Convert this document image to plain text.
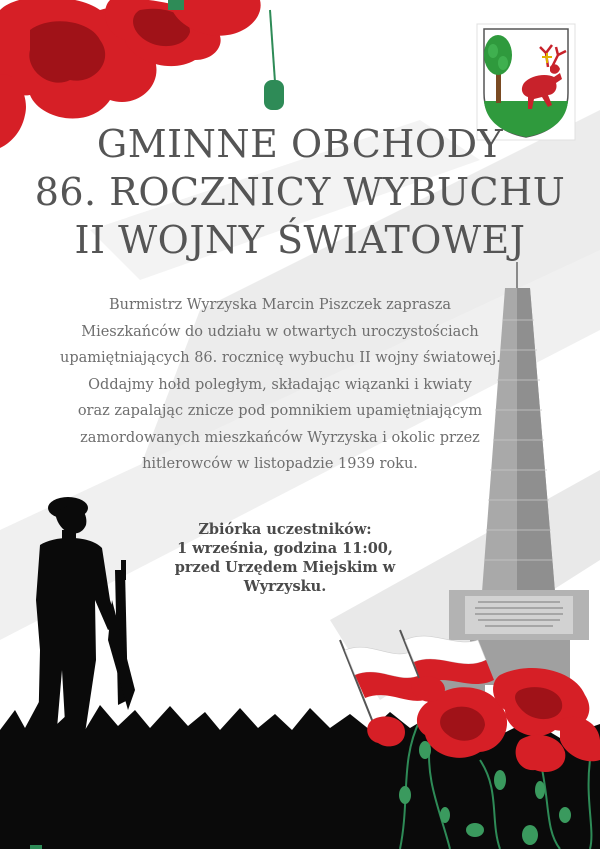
GMINNE OBCHODY
86. ROCZNICY WYBUCHU
II WOJNY ŚWIATOWEJ
Burmistrz Wyrzyska Marcin Piszczek zaprasza
Mieszkańców do udziału w otwartych uroczystościach
upamiętniających 86. rocznicę wybuchu II wojny światowej.
Oddajmy hołd poległym, składając wiązanki i kwiaty
oraz zapalając znicze pod pomnikiem upamiętniającym
zamordowanych mieszkańców Wyrzyska i okolic przez
hitlerowców w listopadzie 1939 roku.
Zbiórka uczestników:
1 września, godzina 11:00,
przed Urzędem Miejskim w
Wyrzysku.
